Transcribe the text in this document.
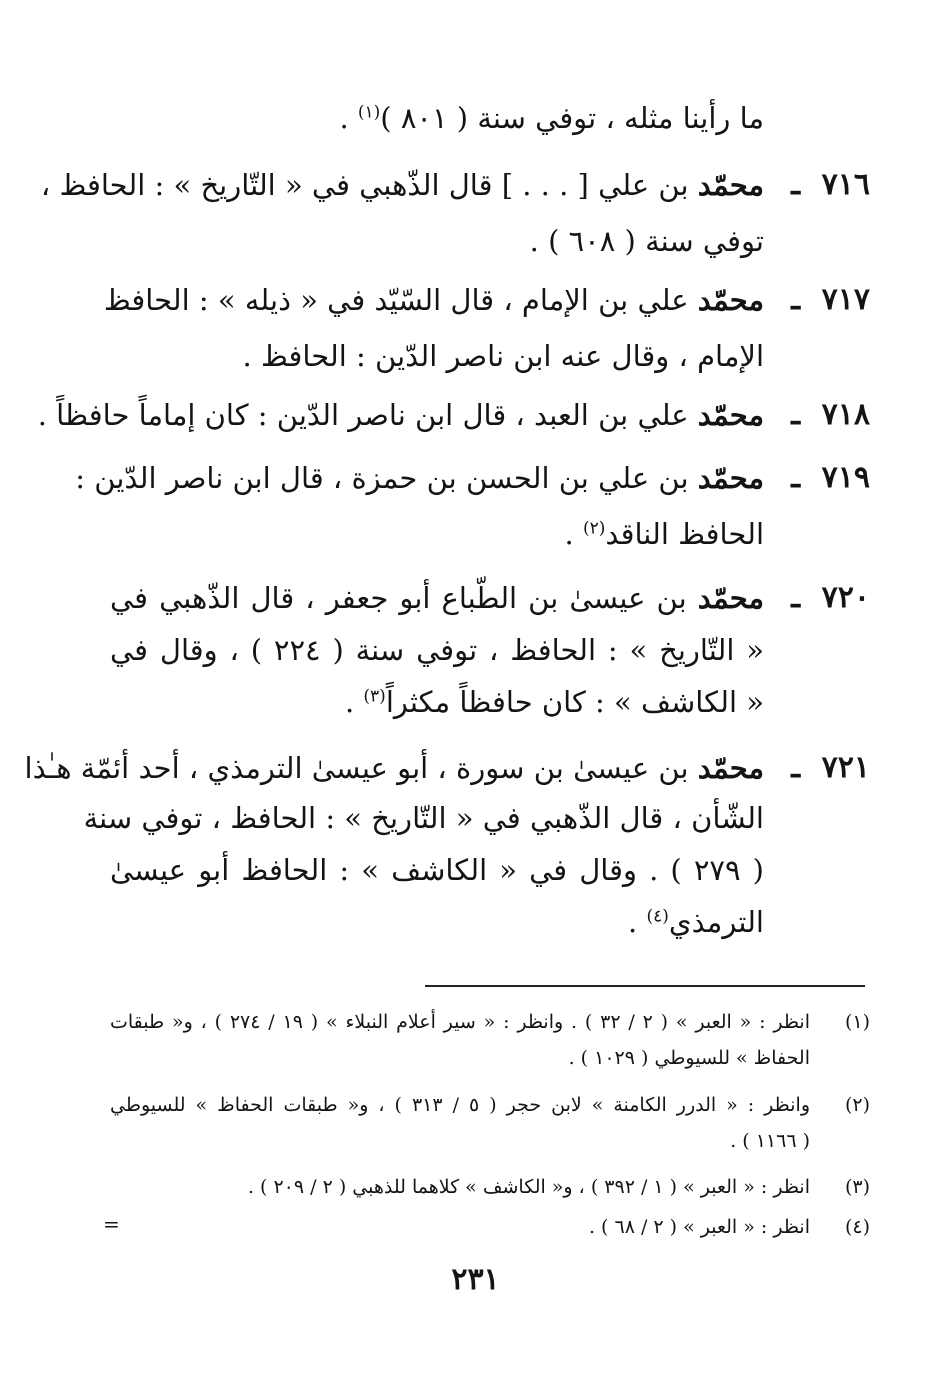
ما رأينا مثله ، توفي سنة ( ٨٠١ )$^{(١)}$ .
٧١٦
ـ
محمّد بن علي [ . . . ] قال الذّهبي في « التّاريخ » : الحافظ ،
توفي سنة ( ٦٠٨ ) .
٧١٧
ـ
محمّد علي بن الإمام ، قال السّيّد في « ذيله » : الحافظ
الإمام ، وقال عنه ابن ناصر الدّين : الحافظ .
٧١٨
ـ
محمّد علي بن العبد ، قال ابن ناصر الدّين : كان إماماً حافظاً .
٧١٩
ـ
محمّد بن علي بن الحسن بن حمزة ، قال ابن ناصر الدّين :
الحافظ الناقد$^{(٢)}$ .
٧٢٠
ـ
محمّد بن عيسىٰ بن الطّباع أبو جعفر ، قال الذّهبي في
« التّاريخ » : الحافظ ، توفي سنة ( ٢٢٤ ) ، وقال في
« الكاشف » : كان حافظاً مكثراً$^{(٣)}$ .
٧٢١
ـ
محمّد بن عيسىٰ بن سورة ، أبو عيسىٰ الترمذي ، أحد أئمّة هـٰذا
الشّأن ، قال الذّهبي في « التّاريخ » : الحافظ ، توفي سنة
( ٢٧٩ ) . وقال في « الكاشف » : الحافظ أبو عيسىٰ
الترمذي$^{(٤)}$ .
(١)
انظر : « العبر » ( ٢ / ٣٢ ) . وانظر : « سير أعلام النبلاء » ( ١٩ / ٢٧٤ ) ، و« طبقات
الحفاظ » للسيوطي ( ١٠٢٩ ) .
(٢)
وانظر : « الدرر الكامنة » لابن حجر ( ٥ / ٣١٣ ) ، و« طبقات الحفاظ » للسيوطي
( ١١٦٦ ) .
(٣)
انظر : « العبر » ( ١ / ٣٩٢ ) ، و« الكاشف » كلاهما للذهبي ( ٢ / ٢٠٩ ) .
(٤)
انظر : « العبر » ( ٢ / ٦٨ ) .
=
٢٣١
